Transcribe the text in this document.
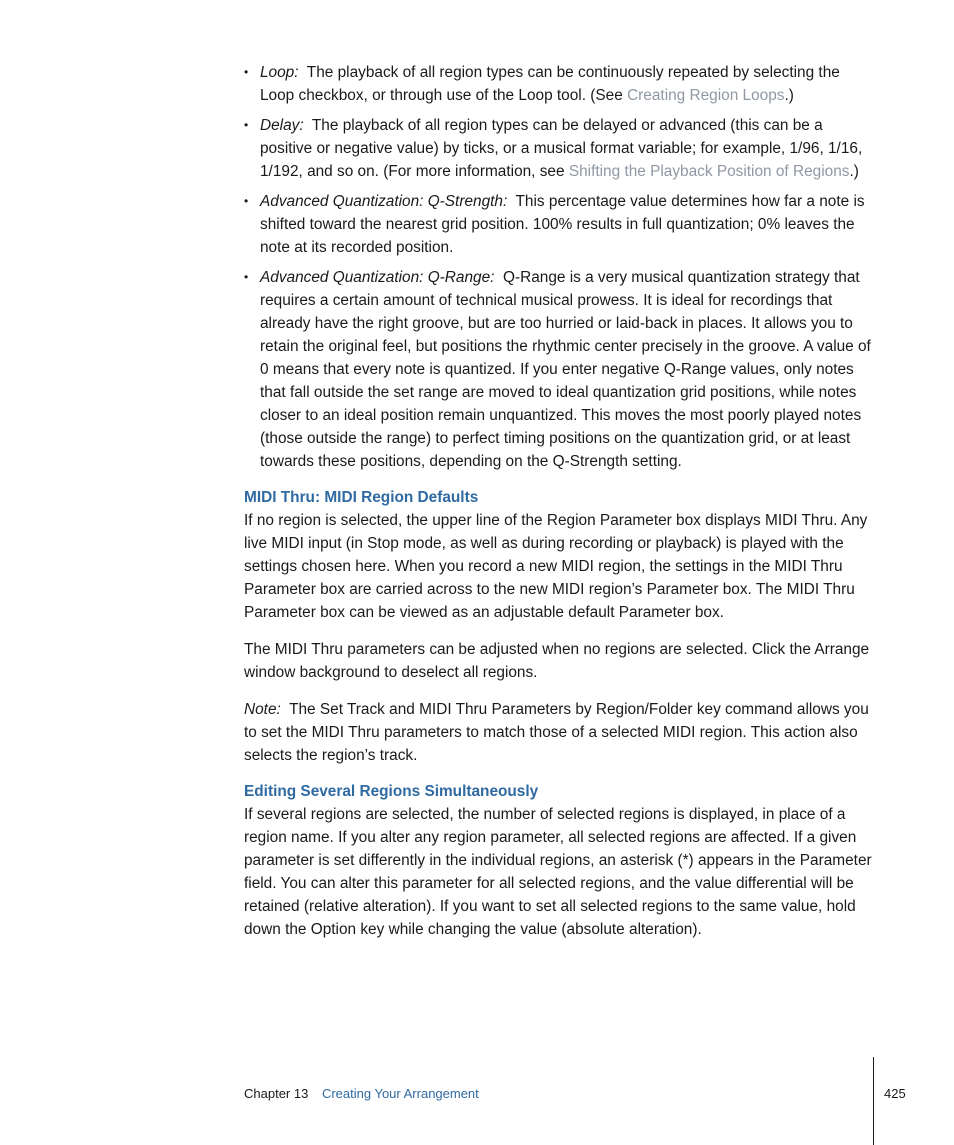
• Loop: The playback of all region types can be continuously repeated by selecting the Loop checkbox, or through use of the Loop tool. (See Creating Region Loops.)
• Delay: The playback of all region types can be delayed or advanced (this can be a positive or negative value) by ticks, or a musical format variable; for example, 1/96, 1/16, 1/192, and so on. (For more information, see Shifting the Playback Position of Regions.)
• Advanced Quantization: Q-Strength: This percentage value determines how far a note is shifted toward the nearest grid position. 100% results in full quantization; 0% leaves the note at its recorded position.
• Advanced Quantization: Q-Range: Q-Range is a very musical quantization strategy that requires a certain amount of technical musical prowess. It is ideal for recordings that already have the right groove, but are too hurried or laid-back in places. It allows you to retain the original feel, but positions the rhythmic center precisely in the groove. A value of 0 means that every note is quantized. If you enter negative Q-Range values, only notes that fall outside the set range are moved to ideal quantization grid positions, while notes closer to an ideal position remain unquantized. This moves the most poorly played notes (those outside the range) to perfect timing positions on the quantization grid, or at least towards these positions, depending on the Q-Strength setting.
MIDI Thru: MIDI Region Defaults

If no region is selected, the upper line of the Region Parameter box displays MIDI Thru. Any live MIDI input (in Stop mode, as well as during recording or playback) is played with the settings chosen here. When you record a new MIDI region, the settings in the MIDI Thru Parameter box are carried across to the new MIDI region’s Parameter box. The MIDI Thru Parameter box can be viewed as an adjustable default Parameter box.

The MIDI Thru parameters can be adjusted when no regions are selected. Click the Arrange window background to deselect all regions.

Note: The Set Track and MIDI Thru Parameters by Region/Folder key command allows you to set the MIDI Thru parameters to match those of a selected MIDI region. This action also selects the region’s track.

Editing Several Regions Simultaneously

If several regions are selected, the number of selected regions is displayed, in place of a region name. If you alter any region parameter, all selected regions are affected. If a given parameter is set differently in the individual regions, an asterisk (*) appears in the Parameter field. You can alter this parameter for all selected regions, and the value differential will be retained (relative alteration). If you want to set all selected regions to the same value, hold down the Option key while changing the value (absolute alteration).

Chapter 13 Creating Your Arrangement	425
